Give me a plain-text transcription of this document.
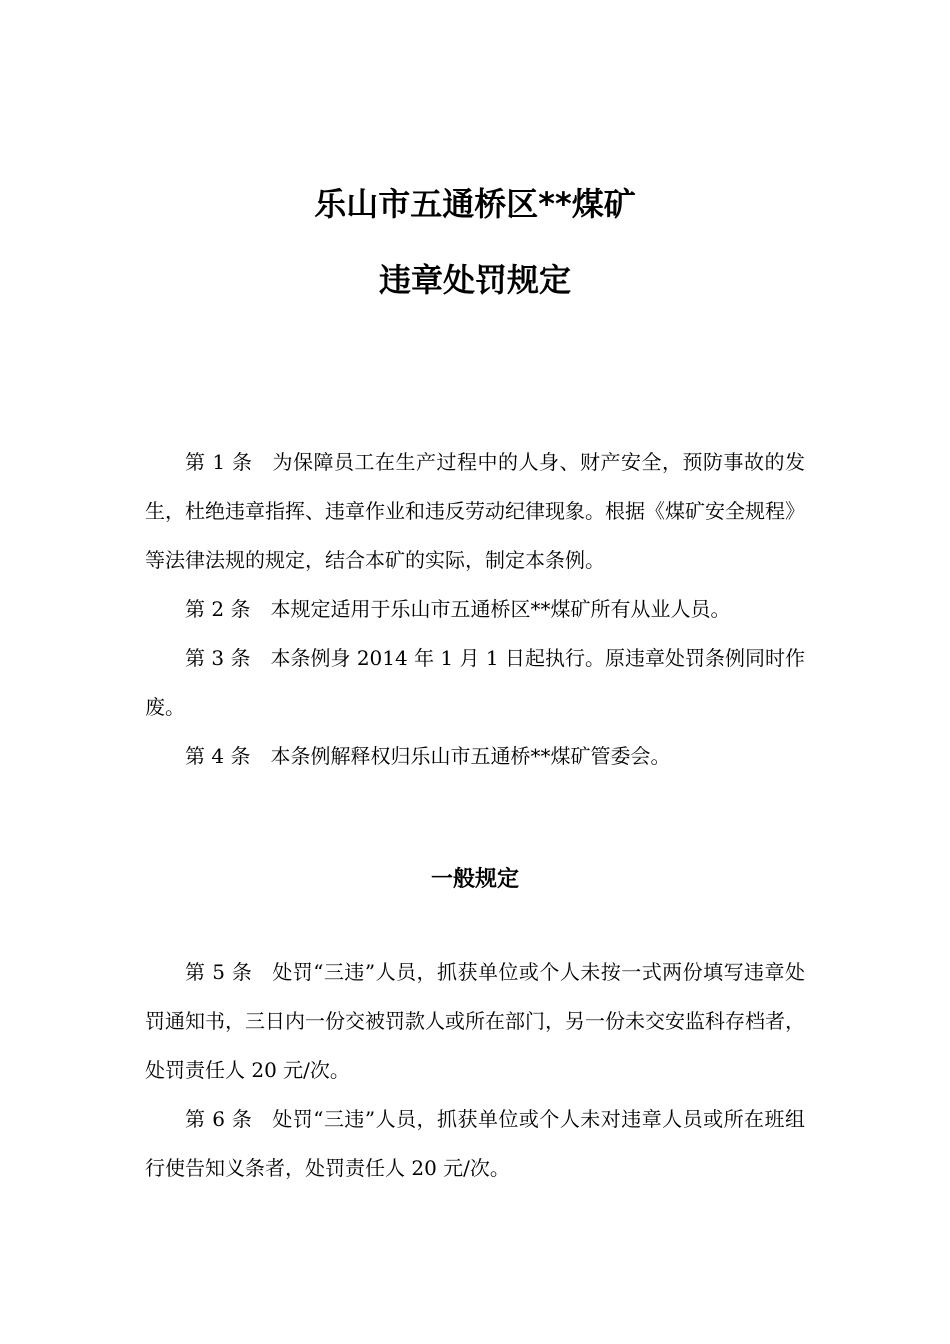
乐山市五通桥区**煤矿
违章处罚规定

第 1 条 为保障员工在生产过程中的人身、财产安全，预防事故的发生，杜绝违章指挥、违章作业和违反劳动纪律现象。根据《煤矿安全规程》等法律法规的规定，结合本矿的实际，制定本条例。

第 2 条 本规定适用于乐山市五通桥区**煤矿所有从业人员。

第 3 条 本条例身 2014 年 1 月 1 日起执行。原违章处罚条例同时作废。

第 4 条 本条例解释权归乐山市五通桥**煤矿管委会。

一般规定

第 5 条 处罚“三违”人员，抓获单位或个人未按一式两份填写违章处罚通知书，三日内一份交被罚款人或所在部门，另一份未交安监科存档者，处罚责任人 20 元/次。

第 6 条 处罚“三违”人员，抓获单位或个人未对违章人员或所在班组行使告知义条者，处罚责任人 20 元/次。
